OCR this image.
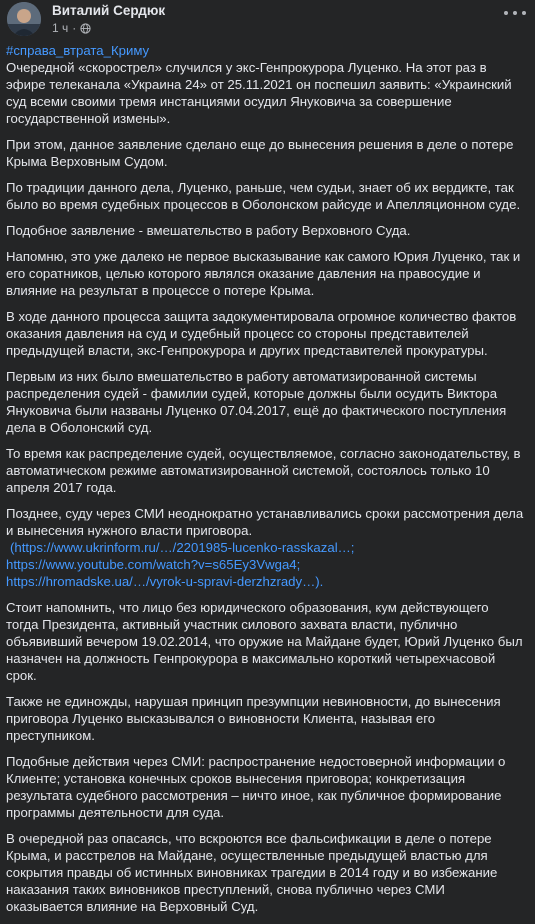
Виталий Сердюк
1 ч ·
#справа_втрата_Криму
Очередной «скорострел» случился у экс-Генпрокурора Луценко. На этот раз в эфире телеканала «Украина 24» от 25.11.2021 он поспешил заявить: «Украинский суд всеми своими тремя инстанциями осудил Януковича за совершение государственной измены».

При этом, данное заявление сделано еще до вынесения решения в деле о потере Крыма Верховным Судом.

По традиции данного дела, Луценко, раньше, чем судьи, знает об их вердикте, так было во время судебных процессов в Оболонском райсуде и Апелляционном суде.

Подобное заявление - вмешательство в работу Верховного Суда.

Напомню, это уже далеко не первое высказывание как самого Юрия Луценко, так и его соратников, целью которого являлся оказание давления на правосудие и влияние на результат в процессе о потере Крыма.

В ходе данного процесса защита задокументировала огромное количество фактов оказания давления на суд и судебный процесс со стороны представителей предыдущей власти, экс-Генпрокурора и других представителей прокуратуры.

Первым из них было вмешательство в работу автоматизированной системы распределения судей - фамилии судей, которые должны были осудить Виктора Януковича были названы Луценко 07.04.2017, ещё до фактического поступления дела в Оболонский суд.

То время как распределение судей, осуществляемое, согласно законодательству, в автоматическом режиме автоматизированной системой, состоялось только 10 апреля 2017 года.

Позднее, суду через СМИ неоднократно устанавливались сроки рассмотрения дела и вынесения нужного власти приговора.
(https://www.ukrinform.ru/…/2201985-lucenko-rasskazal…;
https://www.youtube.com/watch?v=s65Ey3Vwga4;
https://hromadske.ua/…/vyrok-u-spravi-derzhzrady…).

Стоит напомнить, что лицо без юридического образования, кум действующего тогда Президента, активный участник силового захвата власти, публично объявивший вечером 19.02.2014, что оружие на Майдане будет, Юрий Луценко был назначен на должность Генпрокурора в максимально короткий четырехчасовой срок.

Также не единожды, нарушая принцип презумпции невиновности, до вынесения приговора Луценко высказывался о виновности Клиента, называя его преступником.

Подобные действия через СМИ: распространение недостоверной информации о Клиенте; установка конечных сроков вынесения приговора; конкретизация результата судебного рассмотрения – ничто иное, как публичное формирование программы деятельности для суда.

В очередной раз опасаясь, что вскроются все фальсификации в деле о потере Крыма, и расстрелов на Майдане, осуществленные предыдущей властью для сокрытия правды об истинных виновниках трагедии в 2014 году и во избежание наказания таких виновников преступлений, снова публично через СМИ оказывается влияние на Верховный Суд.
